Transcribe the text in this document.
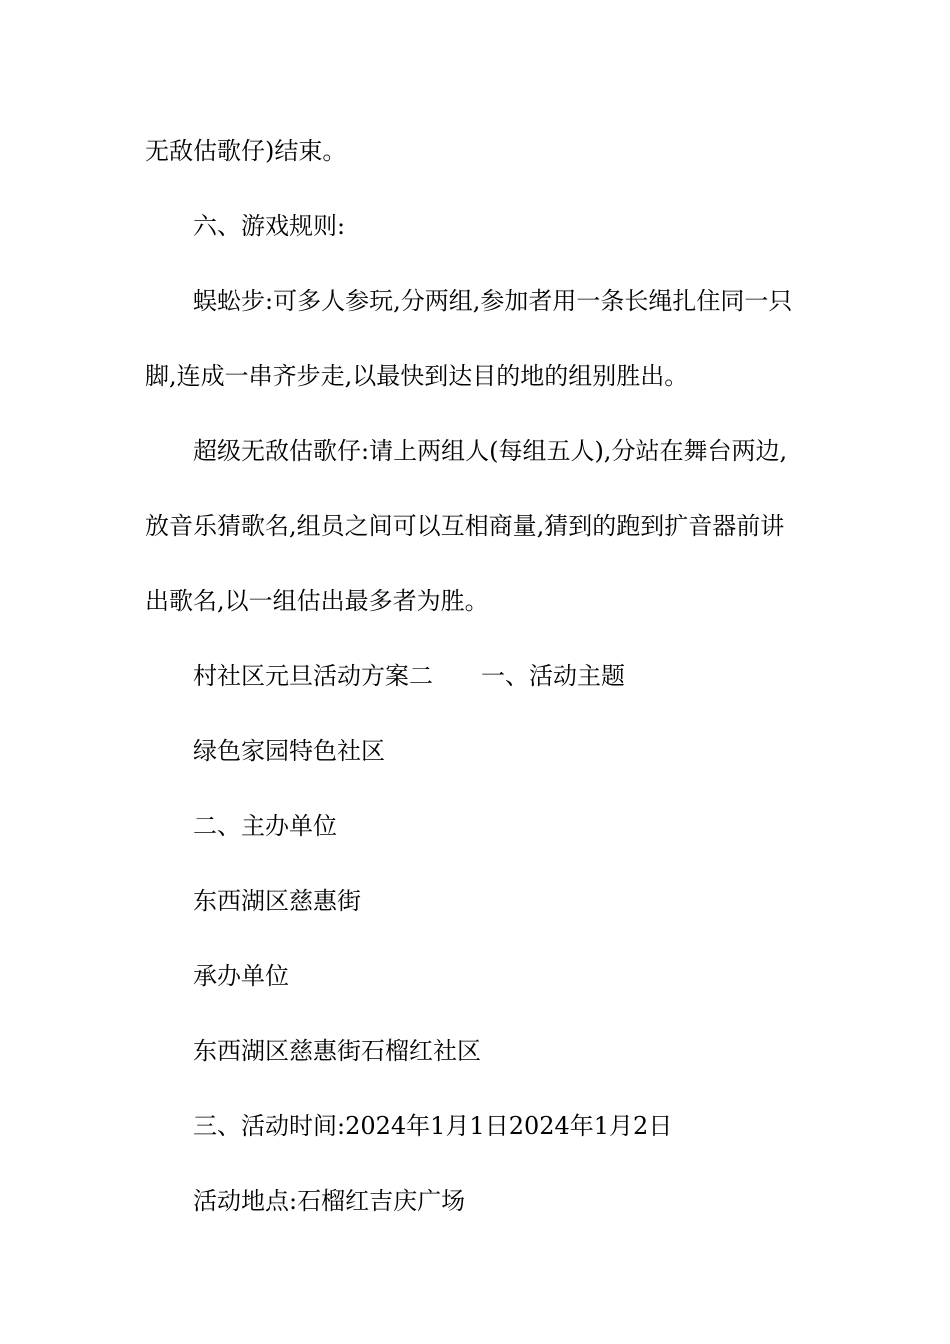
无敌估歌仔)结束。
六、游戏规则:
蜈蚣步:可多人参玩,分两组,参加者用一条长绳扎住同一只
脚,连成一串齐步走,以最快到达目的地的组别胜出。
超级无敌估歌仔:请上两组人(每组五人),分站在舞台两边,
放音乐猜歌名,组员之间可以互相商量,猜到的跑到扩音器前讲
出歌名,以一组估出最多者为胜。
村社区元旦活动方案二 一、活动主题
绿色家园特色社区
二、主办单位
东西湖区慈惠街
承办单位
东西湖区慈惠街石榴红社区
三、活动时间:2024年1月1日2024年1月2日
活动地点:石榴红吉庆广场
